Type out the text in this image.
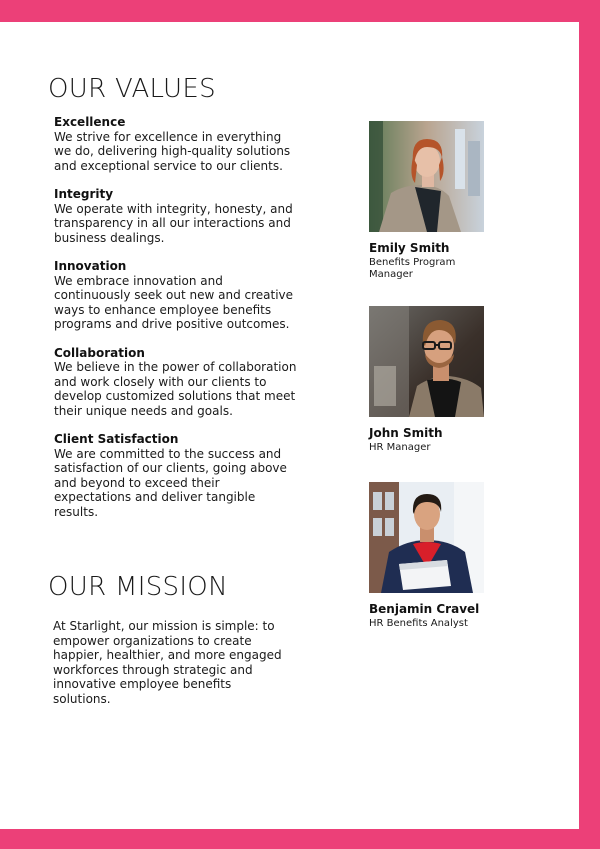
OUR VALUES
Excellence
We strive for excellence in everything we do, delivering high-quality solutions and exceptional service to our clients.
Integrity
We operate with integrity, honesty, and transparency in all our interactions and business dealings.
Innovation
We embrace innovation and continuously seek out new and creative ways to enhance employee benefits programs and drive positive outcomes.
Collaboration
We believe in the power of collaboration and work closely with our clients to develop customized solutions that meet their unique needs and goals.
Client Satisfaction
We are committed to the success and satisfaction of our clients, going above and beyond to exceed their expectations and deliver tangible results.
OUR MISSION
At Starlight, our mission is simple: to empower organizations to create happier, healthier, and more engaged workforces through strategic and innovative employee benefits solutions.
Emily Smith
Benefits Program Manager
John Smith
HR Manager
Benjamin Cravel
HR Benefits Analyst
